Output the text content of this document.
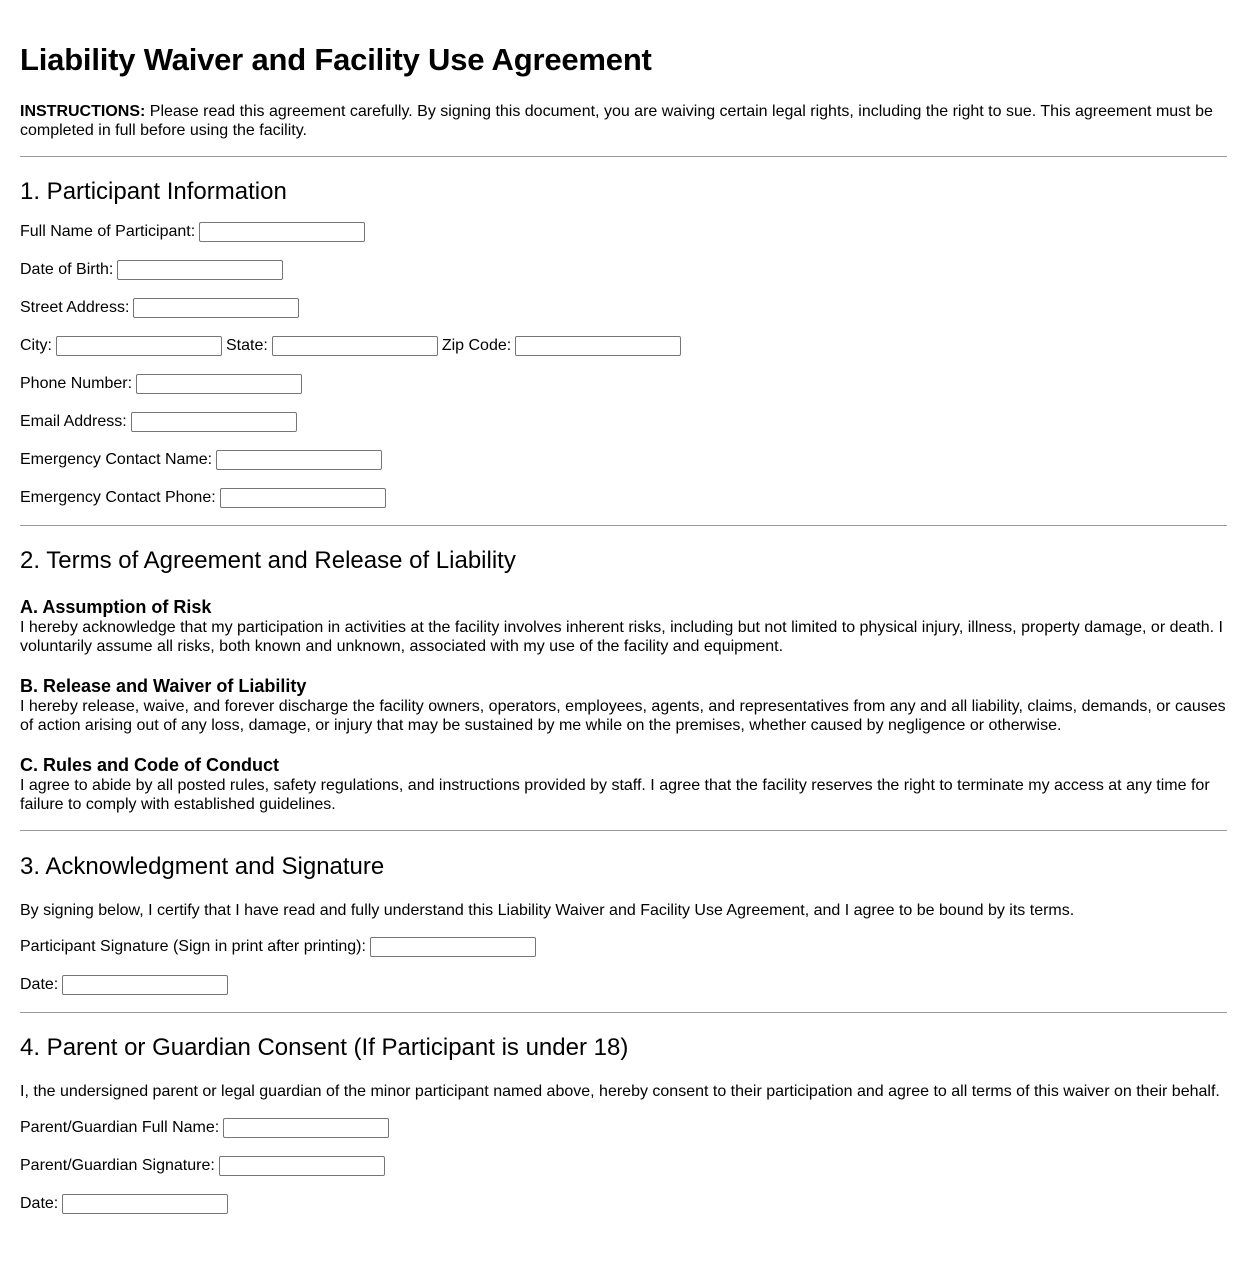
Liability Waiver and Facility Use Agreement

INSTRUCTIONS: Please read this agreement carefully. By signing this document, you are waiving certain legal rights, including the right to sue. This agreement must be completed in full before using the facility.

1. Participant Information
Full Name of Participant:
Date of Birth:
Street Address:
City:	State:	Zip Code:
Phone Number:
Email Address:
Emergency Contact Name:
Emergency Contact Phone:
2. Terms of Agreement and Release of Liability
A. Assumption of Risk

I hereby acknowledge that my participation in activities at the facility involves inherent risks, including but not limited to physical injury, illness, property damage, or death. I voluntarily assume all risks, both known and unknown, associated with my use of the facility and equipment.

B. Release and Waiver of Liability

I hereby release, waive, and forever discharge the facility owners, operators, employees, agents, and representatives from any and all liability, claims, demands, or causes of action arising out of any loss, damage, or injury that may be sustained by me while on the premises, whether caused by negligence or otherwise.

C. Rules and Code of Conduct

I agree to abide by all posted rules, safety regulations, and instructions provided by staff. I agree that the facility reserves the right to terminate my access at any time for failure to comply with established guidelines.

3. Acknowledgment and Signature

By signing below, I certify that I have read and fully understand this Liability Waiver and Facility Use Agreement, and I agree to be bound by its terms.

Participant Signature (Sign in print after printing):
Date:
4. Parent or Guardian Consent (If Participant is under 18)

I, the undersigned parent or legal guardian of the minor participant named above, hereby consent to their participation and agree to all terms of this waiver on their behalf.

Parent/Guardian Full Name:
Parent/Guardian Signature:
Date:
